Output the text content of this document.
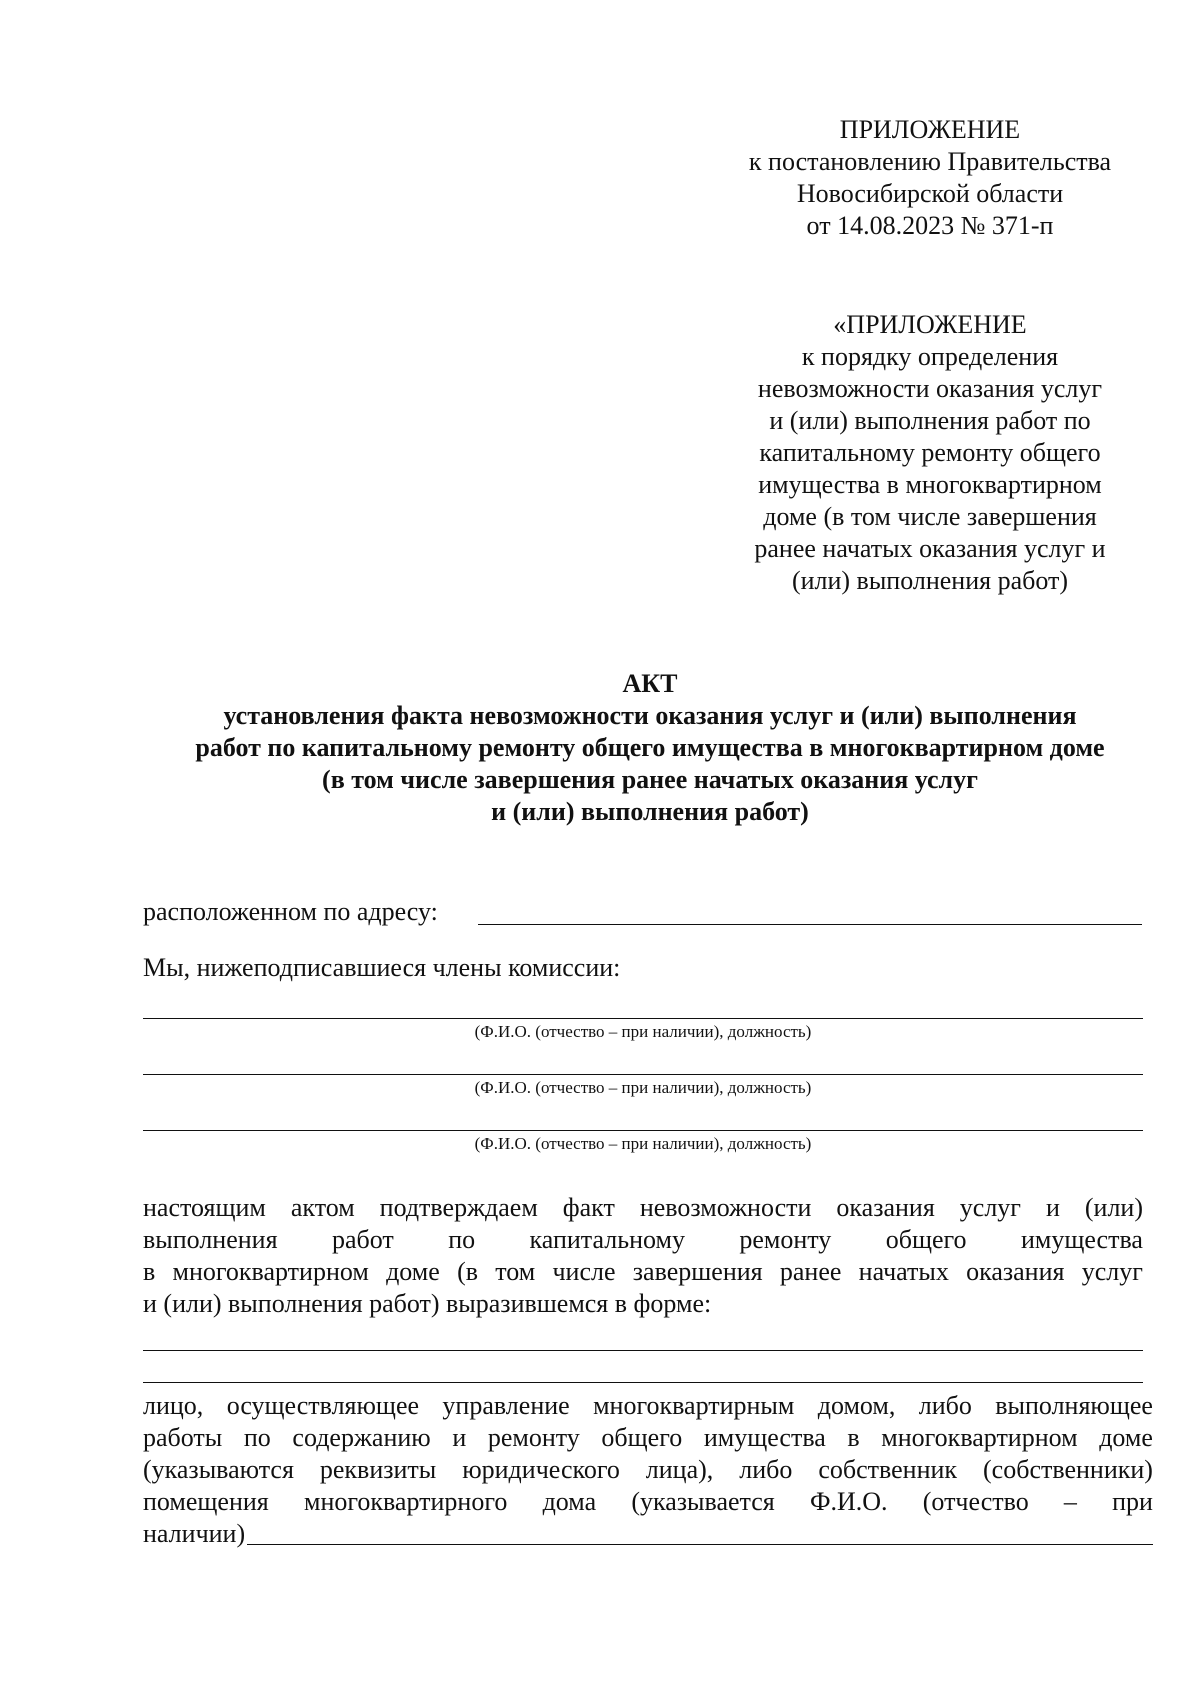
ПРИЛОЖЕНИЕ
к постановлению Правительства
Новосибирской области
от 14.08.2023 № 371-п
«ПРИЛОЖЕНИЕ
к порядку определения
невозможности оказания услуг
и (или) выполнения работ по
капитальному ремонту общего
имущества в многоквартирном
доме (в том числе завершения
ранее начатых оказания услуг и
(или) выполнения работ)
АКТ
установления факта невозможности оказания услуг и (или) выполнения
работ по капитальному ремонту общего имущества в многоквартирном доме
(в том числе завершения ранее начатых оказания услуг
и (или) выполнения работ)
расположенном по адресу:
Мы, нижеподписавшиеся члены комиссии:
(Ф.И.О. (отчество – при наличии), должность)
(Ф.И.О. (отчество – при наличии), должность)
(Ф.И.О. (отчество – при наличии), должность)
настоящим актом подтверждаем факт невозможности оказания услуг и (или)
выполнения работ по капитальному ремонту общего имущества
в многоквартирном доме (в том числе завершения ранее начатых оказания услуг
и (или) выполнения работ) выразившемся в форме:
лицо, осуществляющее управление многоквартирным домом, либо выполняющее
работы по содержанию и ремонту общего имущества в многоквартирном доме
(указываются реквизиты юридического лица), либо собственник (собственники)
помещения многоквартирного дома (указывается Ф.И.О. (отчество – при
наличии)
